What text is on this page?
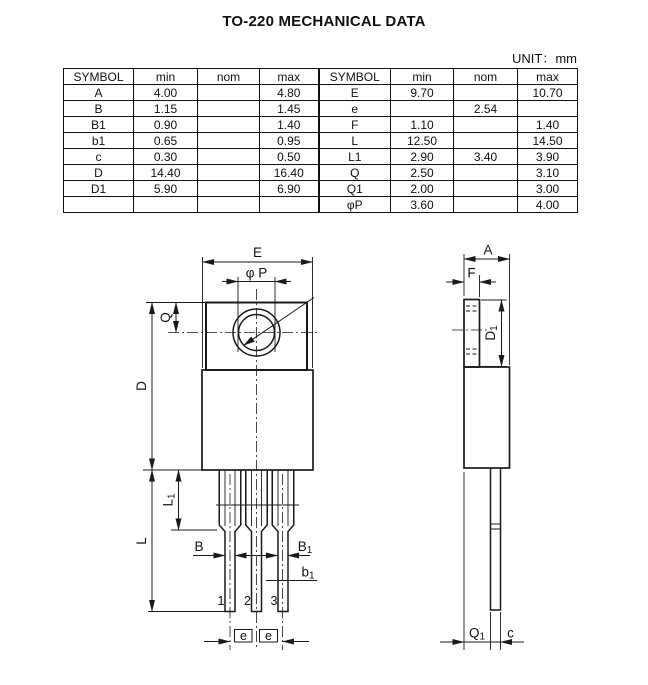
TO-220 MECHANICAL DATA
UNIT：mm
SYMBOL	min	nom	max	SYMBOL	min	nom	max
A	4.00		4.80	E	9.70		10.70
B	1.15		1.45	e		2.54	
B1	0.90		1.40	F	1.10		1.40
b1	0.65		0.95	L	12.50		14.50
c	0.30		0.50	L1	2.90	3.40	3.90
D	14.40		16.40	Q	2.50		3.10
D1	5.90		6.90	Q1	2.00		3.00
				φP	3.60		4.00
E
φ P
Q
D
L
L1
B	B1
b1
1 2 3
e e
A
F
D1
Q1 c
